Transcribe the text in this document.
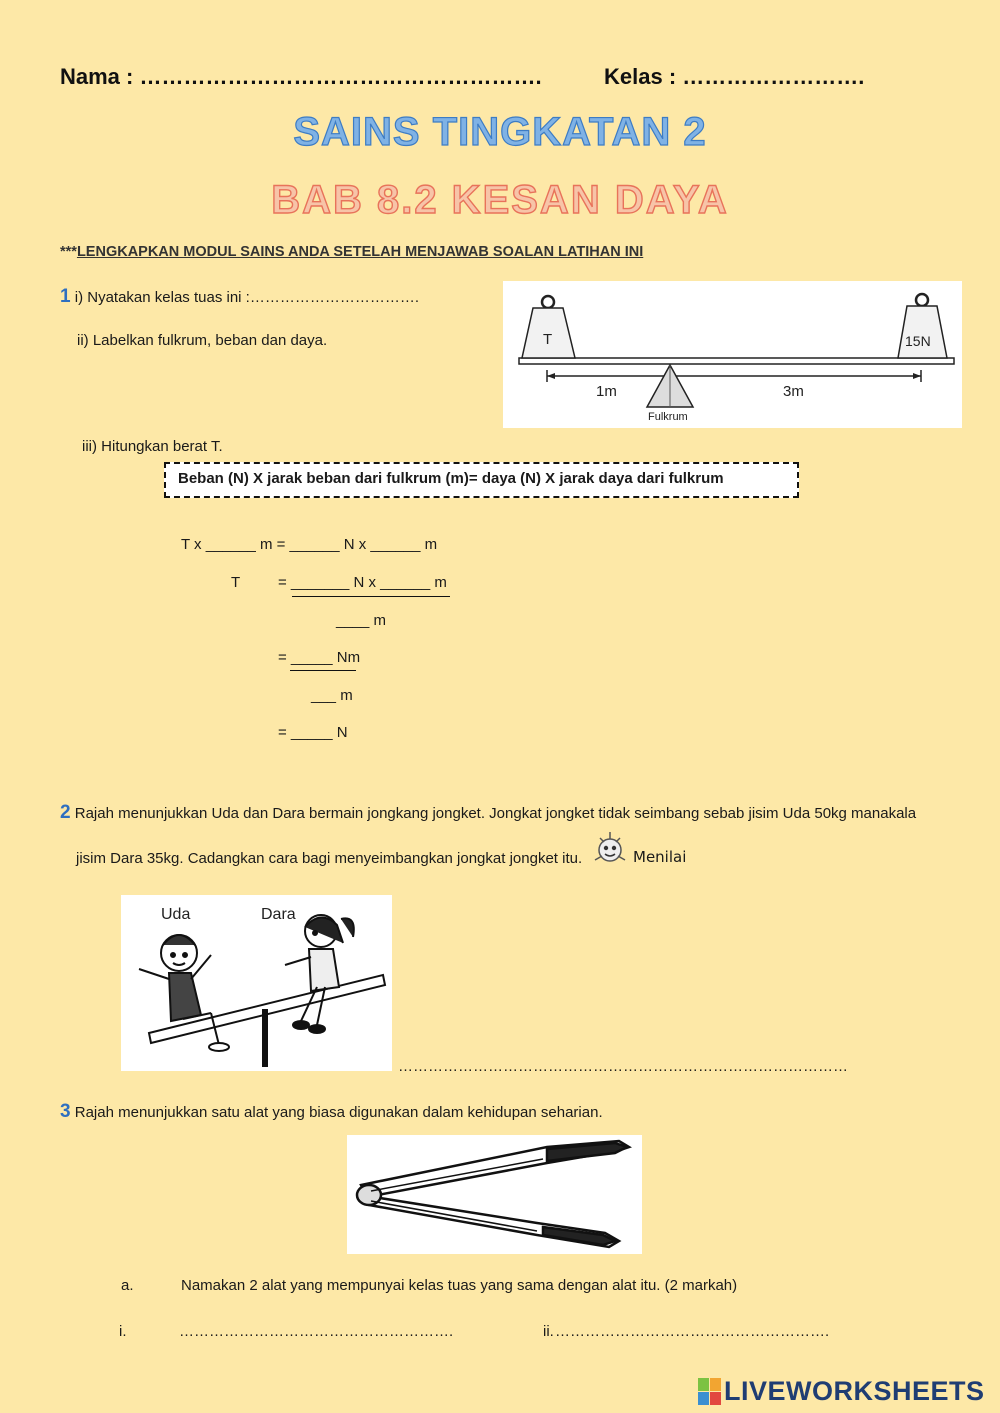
Nama : ……………………………………………….	Kelas : …………………….
SAINS TINGKATAN 2
BAB 8.2 KESAN DAYA
***LENGKAPKAN MODUL SAINS ANDA SETELAH MENJAWAB SOALAN LATIHAN INI
1 i) Nyatakan kelas tuas ini :…………………………….
ii) Labelkan fulkrum, beban dan daya.	T	15N
1m	3m
Fulkrum
iii) Hitungkan berat T.
Beban (N) X jarak beban dari fulkrum (m)= daya (N) X jarak daya dari fulkrum
T x ______ m = ______ N x ______ m
T	= _______ N x ______ m
____ m
= _____ Nm
___ m
= _____ N
2 Rajah menunjukkan Uda dan Dara bermain jongkang jongket. Jongkat jongket tidak seimbang sebab jisim Uda 50kg manakala
jisim Dara 35kg. Cadangkan cara bagi menyeimbangkan jongkat jongket itu.	Menilai
Uda	Dara
………………………………………………………………………………
3 Rajah menunjukkan satu alat yang biasa digunakan dalam kehidupan seharian.
a.	Namakan 2 alat yang mempunyai kelas tuas yang sama dengan alat itu. (2 markah)
i.	……………………………………………….	ii. ……………………………………………….
LIVEWORKSHEETS
